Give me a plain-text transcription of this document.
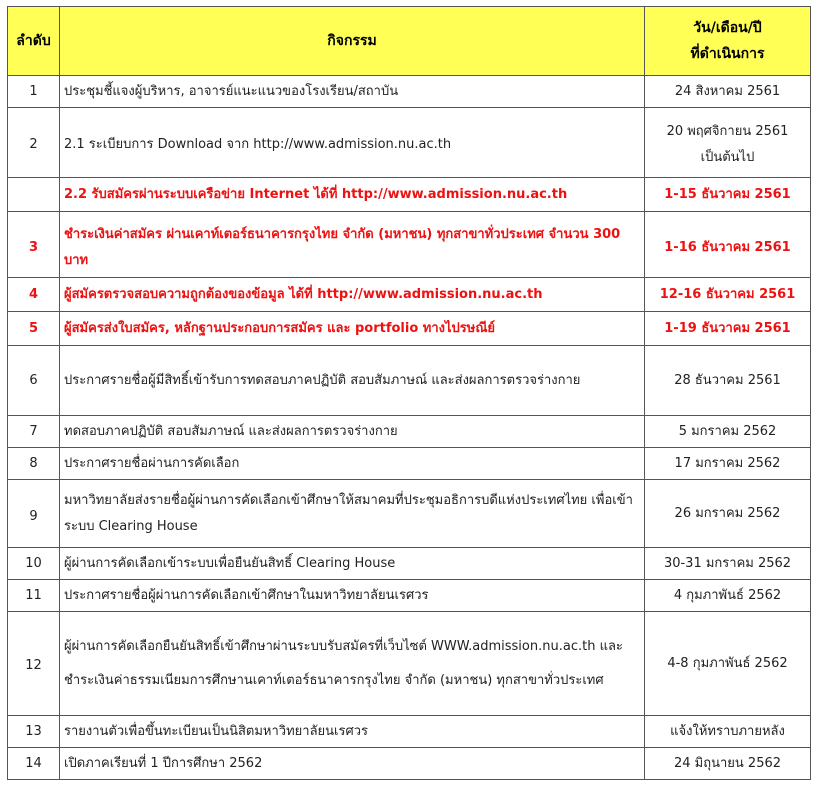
ลำดับ	กิจกรรม	วัน/เดือน/ปี
ที่ดำเนินการ

1	ประชุมชี้แจงผู้บริหาร, อาจารย์แนะแนวของโรงเรียน/สถาบัน	24 สิงหาคม 2561
2	2.1 ระเบียบการ Download จาก http://www.admission.nu.ac.th	20 พฤศจิกายน 2561
เป็นต้นไป

	2.2 รับสมัครผ่านระบบเครือข่าย Internet ได้ที่ http://www.admission.nu.ac.th	1-15 ธันวาคม 2561
3	ชำระเงินค่าสมัคร ผ่านเคาท์เตอร์ธนาคารกรุงไทย จำกัด (มหาชน) ทุกสาขาทั่วประเทศ จำนวน 300 บาท	1-16 ธันวาคม 2561
4	ผู้สมัครตรวจสอบความถูกต้องของข้อมูล ได้ที่ http://www.admission.nu.ac.th	12-16 ธันวาคม 2561
5	ผู้สมัครส่งใบสมัคร, หลักฐานประกอบการสมัคร และ portfolio ทางไปรษณีย์	1-19 ธันวาคม 2561
6	ประกาศรายชื่อผู้มีสิทธิ์เข้ารับการทดสอบภาคปฏิบัติ สอบสัมภาษณ์ และส่งผลการตรวจร่างกาย	28 ธันวาคม 2561
7	ทดสอบภาคปฏิบัติ สอบสัมภาษณ์ และส่งผลการตรวจร่างกาย	5 มกราคม 2562
8	ประกาศรายชื่อผ่านการคัดเลือก	17 มกราคม 2562
9	มหาวิทยาลัยส่งรายชื่อผู้ผ่านการคัดเลือกเข้าศึกษาให้สมาคมที่ประชุมอธิการบดีแห่งประเทศไทย เพื่อเข้าระบบ Clearing House	26 มกราคม 2562
10	ผู้ผ่านการคัดเลือกเข้าระบบเพื่อยืนยันสิทธิ์ Clearing House	30-31 มกราคม 2562
11	ประกาศรายชื่อผู้ผ่านการคัดเลือกเข้าศึกษาในมหาวิทยาลัยนเรศวร	4 กุมภาพันธ์ 2562
12	ผู้ผ่านการคัดเลือกยืนยันสิทธิ์เข้าศึกษาผ่านระบบรับสมัครที่เว็บไซต์ WWW.admission.nu.ac.th และชำระเงินค่าธรรมเนียมการศึกษานเคาท์เตอร์ธนาคารกรุงไทย จำกัด (มหาชน) ทุกสาขาทั่วประเทศ	4-8 กุมภาพันธ์ 2562
13	รายงานตัวเพื่อขึ้นทะเบียนเป็นนิสิตมหาวิทยาลัยนเรศวร	แจ้งให้ทราบภายหลัง
14	เปิดภาคเรียนที่ 1 ปีการศึกษา 2562	24 มิถุนายน 2562
